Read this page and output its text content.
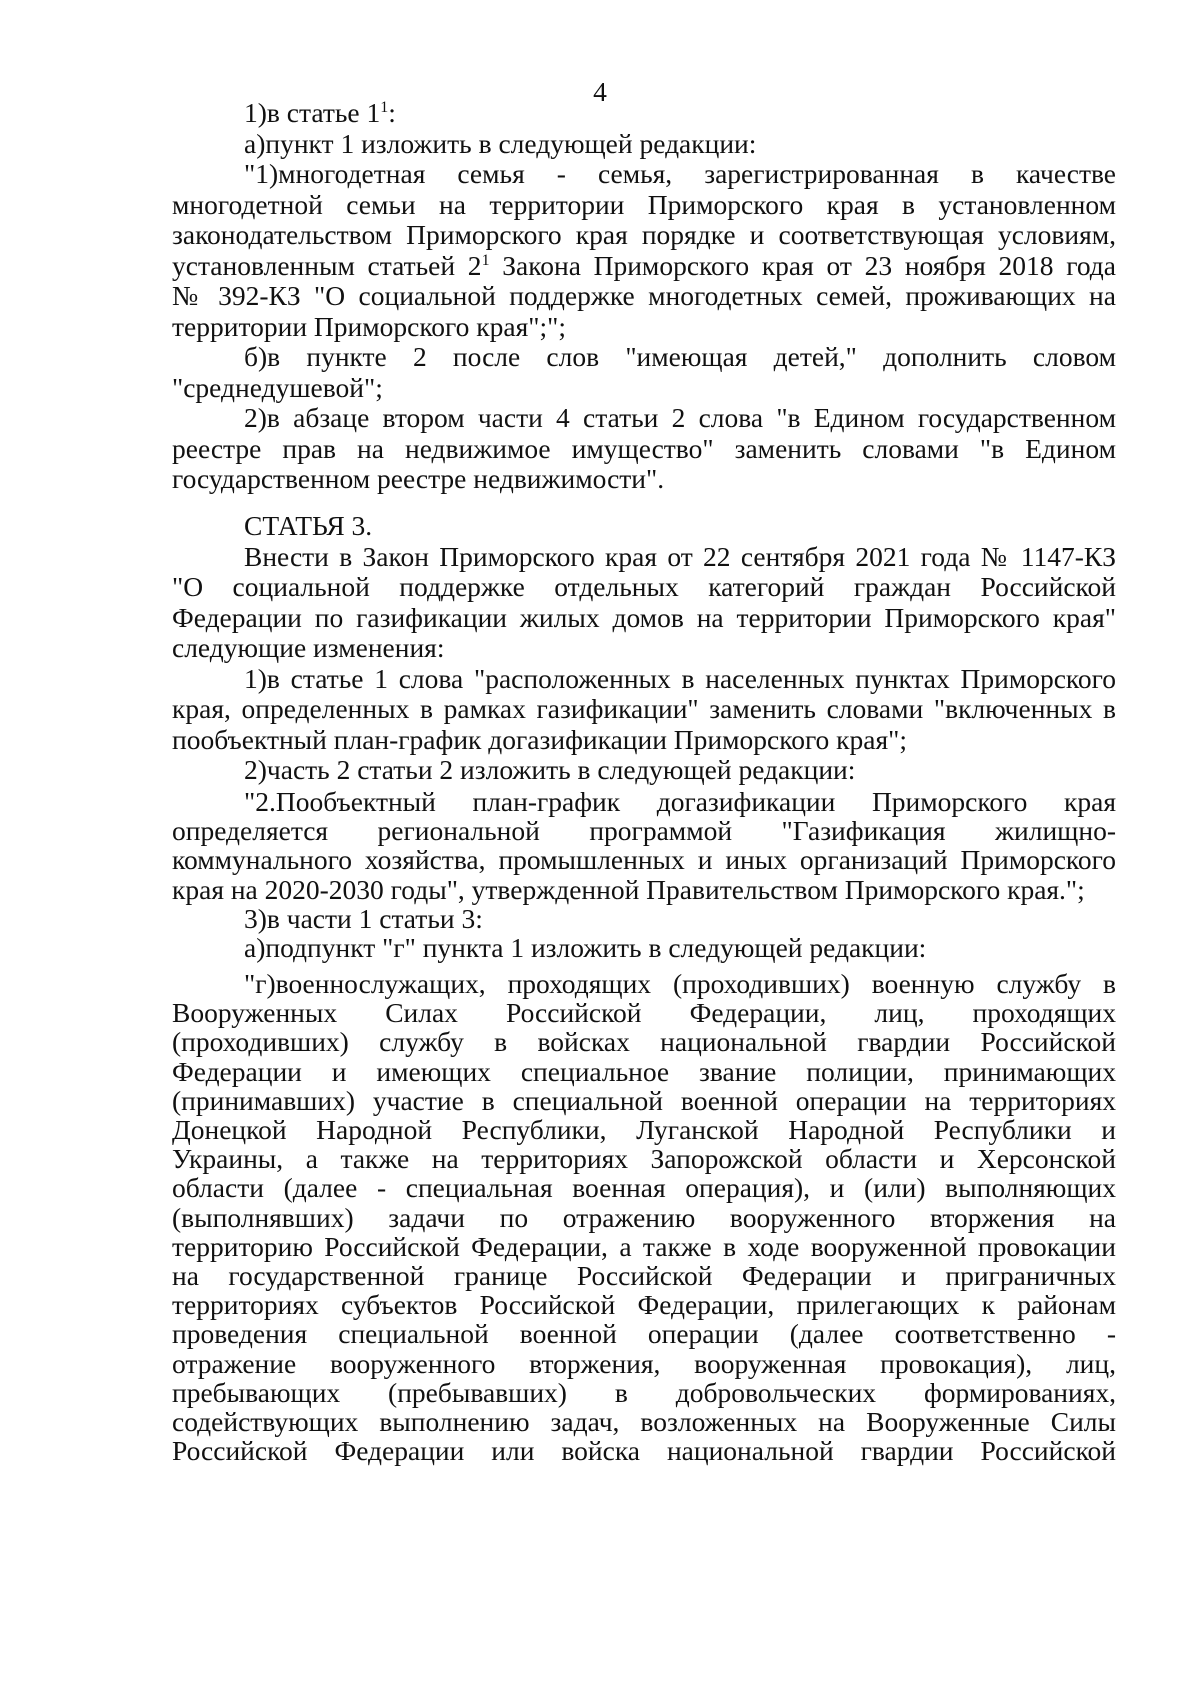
4
1)в статье $1^1$:
а)пункт 1 изложить в следующей редакции:
"1)многодетная семья - семья, зарегистрированная в качестве
многодетной семьи на территории Приморского края в установленном
законодательством Приморского края порядке и соответствующая условиям,
установленным статьей $2^1$ Закона Приморского края от 23 ноября 2018 года
№ 392-КЗ "О социальной поддержке многодетных семей, проживающих на
территории Приморского края";";
б)в пункте 2 после слов "имеющая детей," дополнить словом
"среднедушевой";
2)в абзаце втором части 4 статьи 2 слова "в Едином государственном
реестре прав на недвижимое имущество" заменить словами "в Едином
государственном реестре недвижимости".
СТАТЬЯ 3.
Внести в Закон Приморского края от 22 сентября 2021 года № 1147-КЗ
"О социальной поддержке отдельных категорий граждан Российской
Федерации по газификации жилых домов на территории Приморского края"
следующие изменения:
1)в статье 1 слова "расположенных в населенных пунктах Приморского
края, определенных в рамках газификации" заменить словами "включенных в
пообъектный план-график догазификации Приморского края";
2)часть 2 статьи 2 изложить в следующей редакции:
"2.Пообъектный план-график догазификации Приморского края
определяется региональной программой "Газификация жилищно-
коммунального хозяйства, промышленных и иных организаций Приморского
края на 2020-2030 годы", утвержденной Правительством Приморского края.";
3)в части 1 статьи 3:
а)подпункт "г" пункта 1 изложить в следующей редакции:
"г)военнослужащих, проходящих (проходивших) военную службу в
Вооруженных Силах Российской Федерации, лиц, проходящих
(проходивших) службу в войсках национальной гвардии Российской
Федерации и имеющих специальное звание полиции, принимающих
(принимавших) участие в специальной военной операции на территориях
Донецкой Народной Республики, Луганской Народной Республики и
Украины, а также на территориях Запорожской области и Херсонской
области (далее - специальная военная операция), и (или) выполняющих
(выполнявших) задачи по отражению вооруженного вторжения на
территорию Российской Федерации, а также в ходе вооруженной провокации
на государственной границе Российской Федерации и приграничных
территориях субъектов Российской Федерации, прилегающих к районам
проведения специальной военной операции (далее соответственно -
отражение вооруженного вторжения, вооруженная провокация), лиц,
пребывающих (пребывавших) в добровольческих формированиях,
содействующих выполнению задач, возложенных на Вооруженные Силы
Российской Федерации или войска национальной гвардии Российской
